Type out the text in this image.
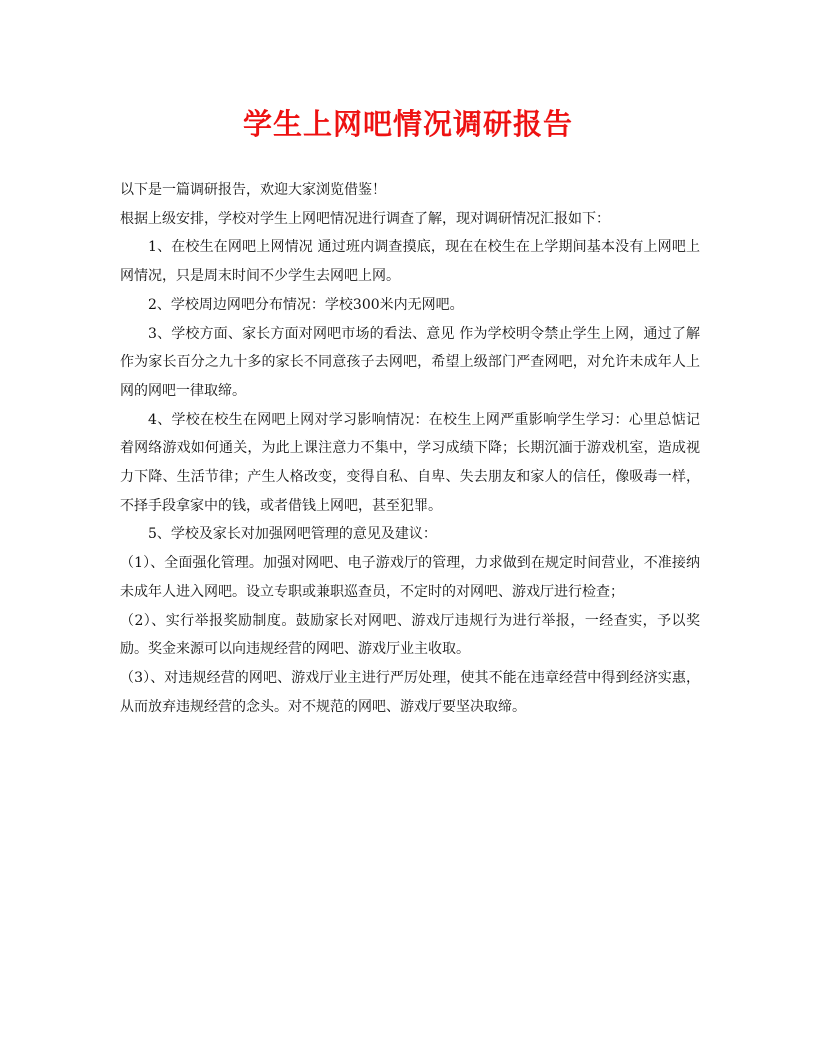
学生上网吧情况调研报告

以下是一篇调研报告，欢迎大家浏览借鉴！

根据上级安排，学校对学生上网吧情况进行调查了解，现对调研情况汇报如下：

1、在校生在网吧上网情况 通过班内调查摸底，现在在校生在上学期间基本没有上网吧上网情况，只是周末时间不少学生去网吧上网。

2、学校周边网吧分布情况：学校300米内无网吧。

3、学校方面、家长方面对网吧市场的看法、意见 作为学校明令禁止学生上网，通过了解作为家长百分之九十多的家长不同意孩子去网吧，希望上级部门严查网吧，对允许未成年人上网的网吧一律取缔。

4、学校在校生在网吧上网对学习影响情况：在校生上网严重影响学生学习：心里总惦记着网络游戏如何通关，为此上课注意力不集中，学习成绩下降；长期沉湎于游戏机室，造成视力下降、生活节律；产生人格改变，变得自私、自卑、失去朋友和家人的信任，像吸毒一样，不择手段拿家中的钱，或者借钱上网吧，甚至犯罪。

5、学校及家长对加强网吧管理的意见及建议：

（1）、全面强化管理。加强对网吧、电子游戏厅的管理，力求做到在规定时间营业，不准接纳未成年人进入网吧。设立专职或兼职巡查员，不定时的对网吧、游戏厅进行检查；

（2）、实行举报奖励制度。鼓励家长对网吧、游戏厅违规行为进行举报，一经查实，予以奖励。奖金来源可以向违规经营的网吧、游戏厅业主收取。

（3）、对违规经营的网吧、游戏厅业主进行严厉处理，使其不能在违章经营中得到经济实惠，从而放弃违规经营的念头。对不规范的网吧、游戏厅要坚决取缔。
